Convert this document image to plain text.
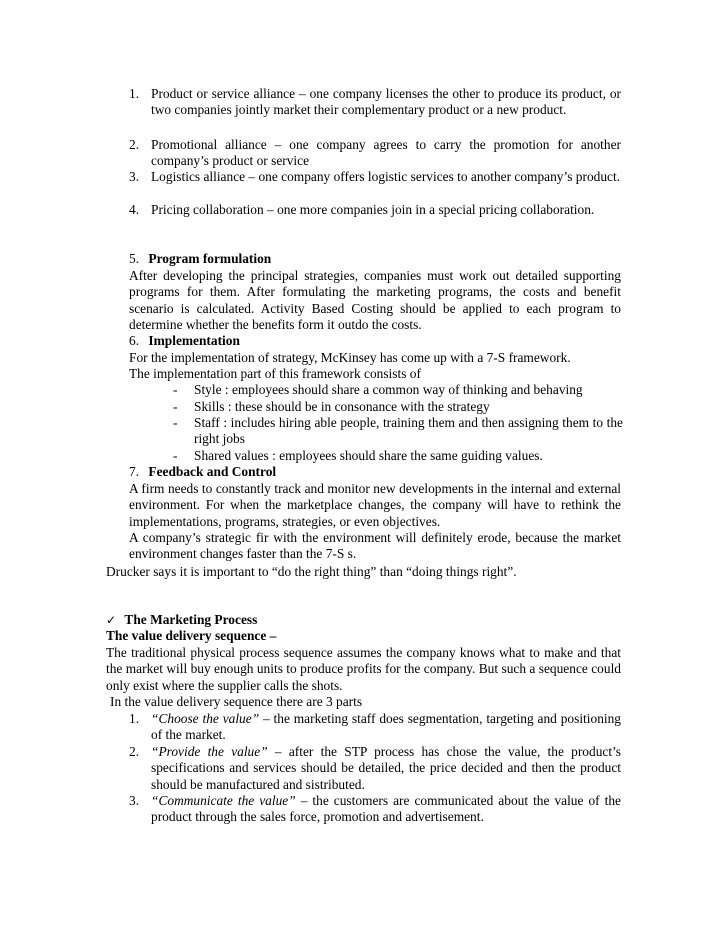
1. Product or service alliance – one company licenses the other to produce its product, or two companies jointly market their complementary product or a new product.
2. Promotional alliance – one company agrees to carry the promotion for another company’s product or service
3. Logistics alliance – one company offers logistic services to another company’s product.
4. Pricing collaboration – one more companies join in a special pricing collaboration.
5. Program formulation
After developing the principal strategies, companies must work out detailed supporting programs for them. After formulating the marketing programs, the costs and benefit scenario is calculated. Activity Based Costing should be applied to each program to determine whether the benefits form it outdo the costs.
6. Implementation
For the implementation of strategy, McKinsey has come up with a 7-S framework.
The implementation part of this framework consists of
-	Style : employees should share a common way of thinking and behaving
-	Skills : these should be in consonance with the strategy
-	Staff : includes hiring able people, training them and then assigning them to the right jobs
-	Shared values : employees should share the same guiding values.
7. Feedback and Control
A firm needs to constantly track and monitor new developments in the internal and external environment. For when the marketplace changes, the company will have to rethink the implementations, programs, strategies, or even objectives.
A company’s strategic fir with the environment will definitely erode, because the market environment changes faster than the 7-S s.
Drucker says it is important to “do the right thing” than “doing things right”.
✓ The Marketing Process
The value delivery sequence –
The traditional physical process sequence assumes the company knows what to make and that the market will buy enough units to produce profits for the company. But such a sequence could only exist where the supplier calls the shots.
In the value delivery sequence there are 3 parts
1. “Choose the value” – the marketing staff does segmentation, targeting and positioning of the market.
2. “Provide the value” – after the STP process has chose the value, the product’s specifications and services should be detailed, the price decided and then the product should be manufactured and sistributed.
3. “Communicate the value” – the customers are communicated about the value of the product through the sales force, promotion and advertisement.
